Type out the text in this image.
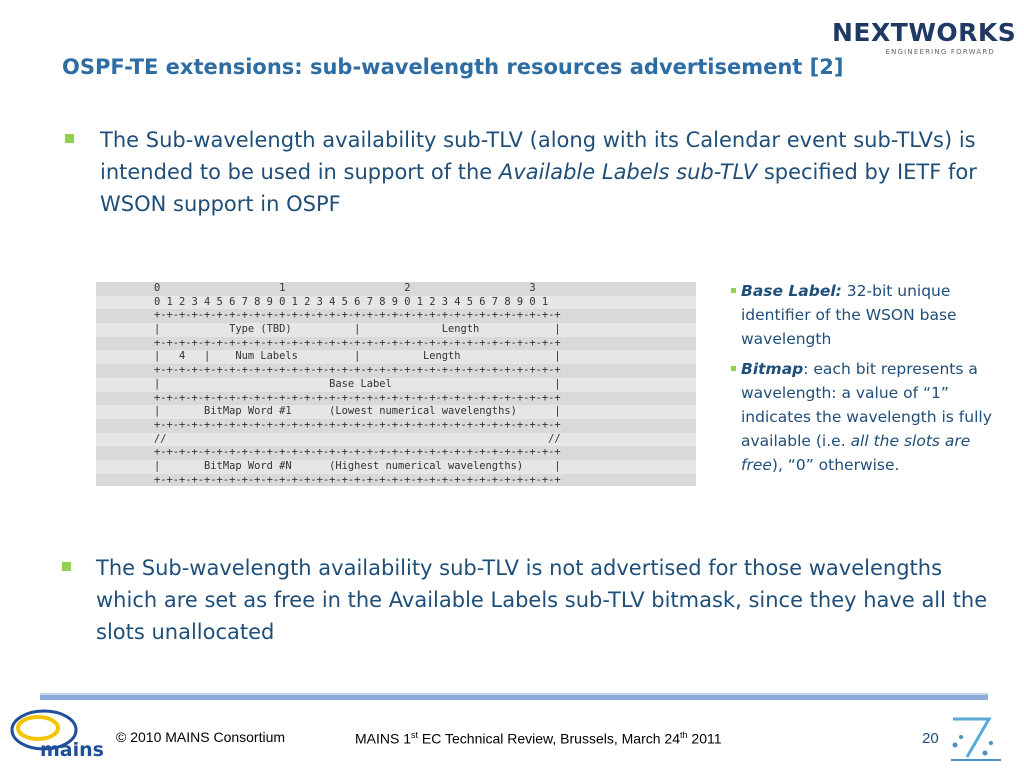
NEXTWORKS
ENGINEERING FORWARD
OSPF-TE extensions: sub-wavelength resources advertisement [2]
The Sub-wavelength availability sub-TLV (along with its Calendar event sub-TLVs) is intended to be used in support of the Available Labels sub-TLV specified by IETF for WSON support in OSPF
0                   1                   2                   3
0 1 2 3 4 5 6 7 8 9 0 1 2 3 4 5 6 7 8 9 0 1 2 3 4 5 6 7 8 9 0 1
+-+-+-+-+-+-+-+-+-+-+-+-+-+-+-+-+-+-+-+-+-+-+-+-+-+-+-+-+-+-+-+-+
|           Type (TBD)          |             Length            |
+-+-+-+-+-+-+-+-+-+-+-+-+-+-+-+-+-+-+-+-+-+-+-+-+-+-+-+-+-+-+-+-+
|   4   |    Num Labels         |          Length               |
+-+-+-+-+-+-+-+-+-+-+-+-+-+-+-+-+-+-+-+-+-+-+-+-+-+-+-+-+-+-+-+-+
|                           Base Label                          |
+-+-+-+-+-+-+-+-+-+-+-+-+-+-+-+-+-+-+-+-+-+-+-+-+-+-+-+-+-+-+-+-+
|       BitMap Word #1      (Lowest numerical wavelengths)      |
+-+-+-+-+-+-+-+-+-+-+-+-+-+-+-+-+-+-+-+-+-+-+-+-+-+-+-+-+-+-+-+-+
//                                                             //
+-+-+-+-+-+-+-+-+-+-+-+-+-+-+-+-+-+-+-+-+-+-+-+-+-+-+-+-+-+-+-+-+
|       BitMap Word #N      (Highest numerical wavelengths)     |
+-+-+-+-+-+-+-+-+-+-+-+-+-+-+-+-+-+-+-+-+-+-+-+-+-+-+-+-+-+-+-+-+

Base Label: 32-bit unique identifier of the WSON base wavelength

Bitmap: each bit represents a wavelength: a value of “1” indicates the wavelength is fully available (i.e. all the slots are free), “0” otherwise.

The Sub-wavelength availability sub-TLV is not advertised for those wavelengths which are set as free in the Available Labels sub-TLV bitmask, since they have all the slots unallocated
mains
© 2010 MAINS Consortium	MAINS 1st EC Technical Review, Brussels, March 24th 2011	20
